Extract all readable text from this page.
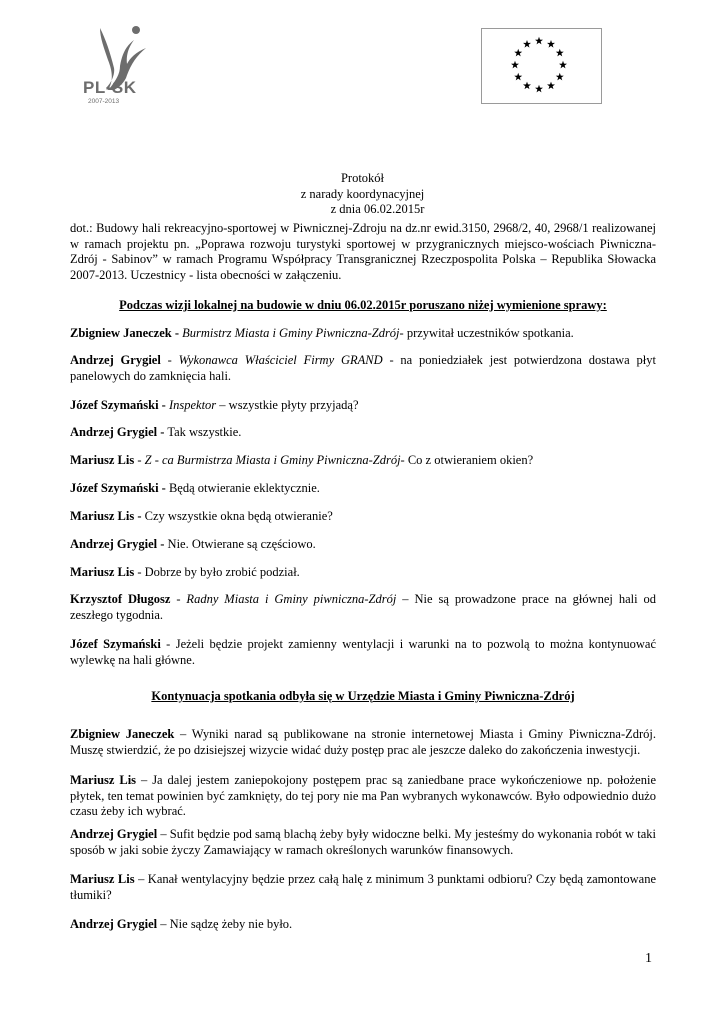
PL-SK
2007-2013
Protokół
z narady koordynacyjnej
z dnia 06.02.2015r
dot.: Budowy hali rekreacyjno-sportowej w Piwnicznej-Zdroju na dz.nr ewid.3150, 2968/2, 40, 2968/1 realizowanej w ramach projektu pn. „Poprawa rozwoju turystyki sportowej w przygranicznych miejsco-wościach Piwniczna-Zdrój - Sabinov” w ramach Programu Współpracy Transgranicznej Rzeczpospolita Polska – Republika Słowacka 2007-2013. Uczestnicy - lista obecności w załączeniu.
Podczas wizji lokalnej na budowie w dniu 06.02.2015r poruszano niżej wymienione sprawy:
Zbigniew Janeczek - Burmistrz Miasta i Gminy Piwniczna-Zdrój- przywitał uczestników spotkania.
Andrzej Grygiel - Wykonawca Właściciel Firmy GRAND - na poniedziałek jest potwierdzona dostawa płyt panelowych do zamknięcia hali.
Józef Szymański - Inspektor – wszystkie płyty przyjadą?
Andrzej Grygiel - Tak wszystkie.
Mariusz Lis - Z - ca Burmistrza Miasta i Gminy Piwniczna-Zdrój- Co z otwieraniem okien?
Józef Szymański - Będą otwieranie eklektycznie.
Mariusz Lis - Czy wszystkie okna będą otwieranie?
Andrzej Grygiel - Nie. Otwierane są częściowo.
Mariusz Lis - Dobrze by było zrobić podział.
Krzysztof Długosz - Radny Miasta i Gminy piwniczna-Zdrój – Nie są prowadzone prace na głównej hali od zeszłego tygodnia.
Józef Szymański - Jeżeli będzie projekt zamienny wentylacji i warunki na to pozwolą to można kontynuować wylewkę na hali główne.
Kontynuacja spotkania odbyła się w Urzędzie Miasta i Gminy Piwniczna-Zdrój
Zbigniew Janeczek – Wyniki narad są publikowane na stronie internetowej Miasta i Gminy Piwniczna-Zdrój. Muszę stwierdzić, że po dzisiejszej wizycie widać duży postęp prac ale jeszcze daleko do zakończenia inwestycji.
Mariusz Lis – Ja dalej jestem zaniepokojony postępem prac są zaniedbane prace wykończeniowe np. położenie płytek, ten temat powinien być zamknięty, do tej pory nie ma Pan wybranych wykonawców. Było odpowiednio dużo czasu żeby ich wybrać.
Andrzej Grygiel – Sufit będzie pod samą blachą żeby były widoczne belki. My jesteśmy do wykonania robót w taki sposób w jaki sobie życzy Zamawiający w ramach określonych warunków finansowych.
Mariusz Lis – Kanał wentylacyjny będzie przez całą halę z minimum 3 punktami odbioru? Czy będą zamontowane tłumiki?
Andrzej Grygiel – Nie sądzę żeby nie było.
1
